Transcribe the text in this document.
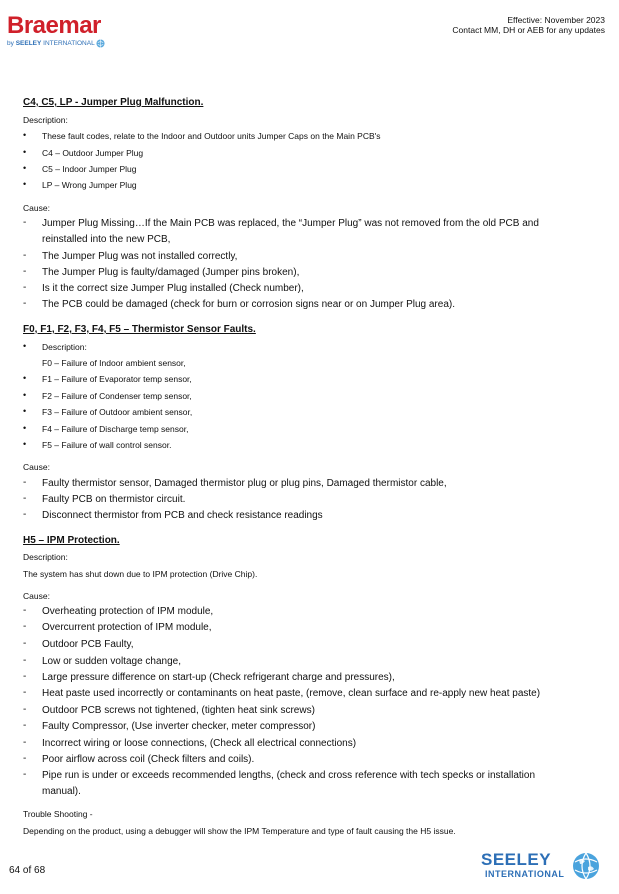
Braemar
by SEELEY INTERNATIONAL
Effective: November 2023
Contact MM, DH or AEB for any updates
C4, C5, LP - Jumper Plug Malfunction.
Description:
• These fault codes, relate to the Indoor and Outdoor units Jumper Caps on the Main PCB's
• C4 – Outdoor Jumper Plug
• C5 – Indoor Jumper Plug
• LP – Wrong Jumper Plug
Cause:
- Jumper Plug Missing…If the Main PCB was replaced, the “Jumper Plug” was not removed from the old PCB and
reinstalled into the new PCB,
- The Jumper Plug was not installed correctly,
- The Jumper Plug is faulty/damaged (Jumper pins broken),
- Is it the correct size Jumper Plug installed (Check number),
- The PCB could be damaged (check for burn or corrosion signs near or on Jumper Plug area).
F0, F1, F2, F3, F4, F5 – Thermistor Sensor Faults.
• Description:
F0 – Failure of Indoor ambient sensor,
• F1 – Failure of Evaporator temp sensor,
• F2 – Failure of Condenser temp sensor,
• F3 – Failure of Outdoor ambient sensor,
• F4 – Failure of Discharge temp sensor,
• F5 – Failure of wall control sensor.
Cause:
- Faulty thermistor sensor, Damaged thermistor plug or plug pins, Damaged thermistor cable,
- Faulty PCB on thermistor circuit.
- Disconnect thermistor from PCB and check resistance readings
H5 – IPM Protection.
Description:
The system has shut down due to IPM protection (Drive Chip).
Cause:
- Overheating protection of IPM module,
- Overcurrent protection of IPM module,
- Outdoor PCB Faulty,
- Low or sudden voltage change,
- Large pressure difference on start-up (Check refrigerant charge and pressures),
- Heat paste used incorrectly or contaminants on heat paste, (remove, clean surface and re-apply new heat paste)
- Outdoor PCB screws not tightened, (tighten heat sink screws)
- Faulty Compressor, (Use inverter checker, meter compressor)
- Incorrect wiring or loose connections, (Check all electrical connections)
- Poor airflow across coil (Check filters and coils).
- Pipe run is under or exceeds recommended lengths, (check and cross reference with tech specks or installation
manual).
Trouble Shooting -
Depending on the product, using a debugger will show the IPM Temperature and type of fault causing the H5 issue.
64 of 68
SEELEY
INTERNATIONAL
